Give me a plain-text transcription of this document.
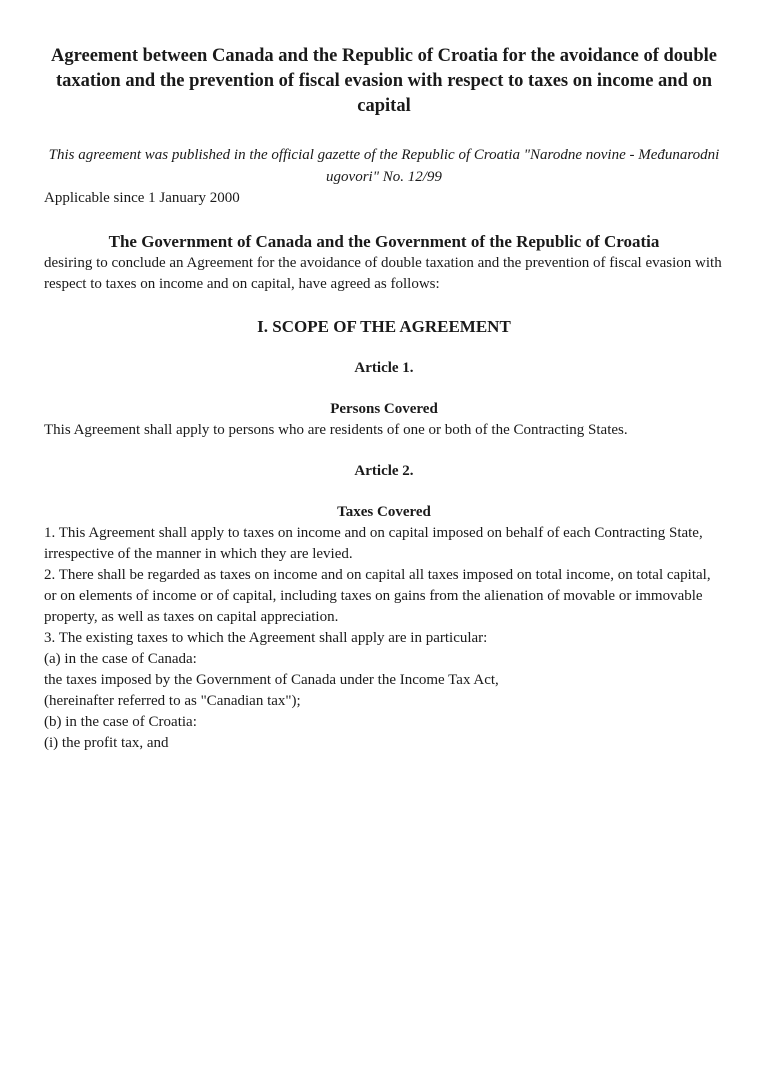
Agreement between Canada and the Republic of Croatia for the avoidance of double taxation and the prevention of fiscal evasion with respect to taxes on income and on capital

This agreement was published in the official gazette of the Republic of Croatia "Narodne novine - Međunarodni ugovori" No. 12/99

Applicable since 1 January 2000

The Government of Canada and the Government of the Republic of Croatia

desiring to conclude an Agreement for the avoidance of double taxation and the prevention of fiscal evasion with respect to taxes on income and on capital, have agreed as follows:

I. SCOPE OF THE AGREEMENT
Article 1.
Persons Covered

This Agreement shall apply to persons who are residents of one or both of the Contracting States.

Article 2.
Taxes Covered

1. This Agreement shall apply to taxes on income and on capital imposed on behalf of each Contracting State, irrespective of the manner in which they are levied.

2. There shall be regarded as taxes on income and on capital all taxes imposed on total income, on total capital, or on elements of income or of capital, including taxes on gains from the alienation of movable or immovable property, as well as taxes on capital appreciation.

3. The existing taxes to which the Agreement shall apply are in particular:

(a) in the case of Canada:

the taxes imposed by the Government of Canada under the Income Tax Act,

(hereinafter referred to as "Canadian tax");

(b) in the case of Croatia:

(i) the profit tax, and
